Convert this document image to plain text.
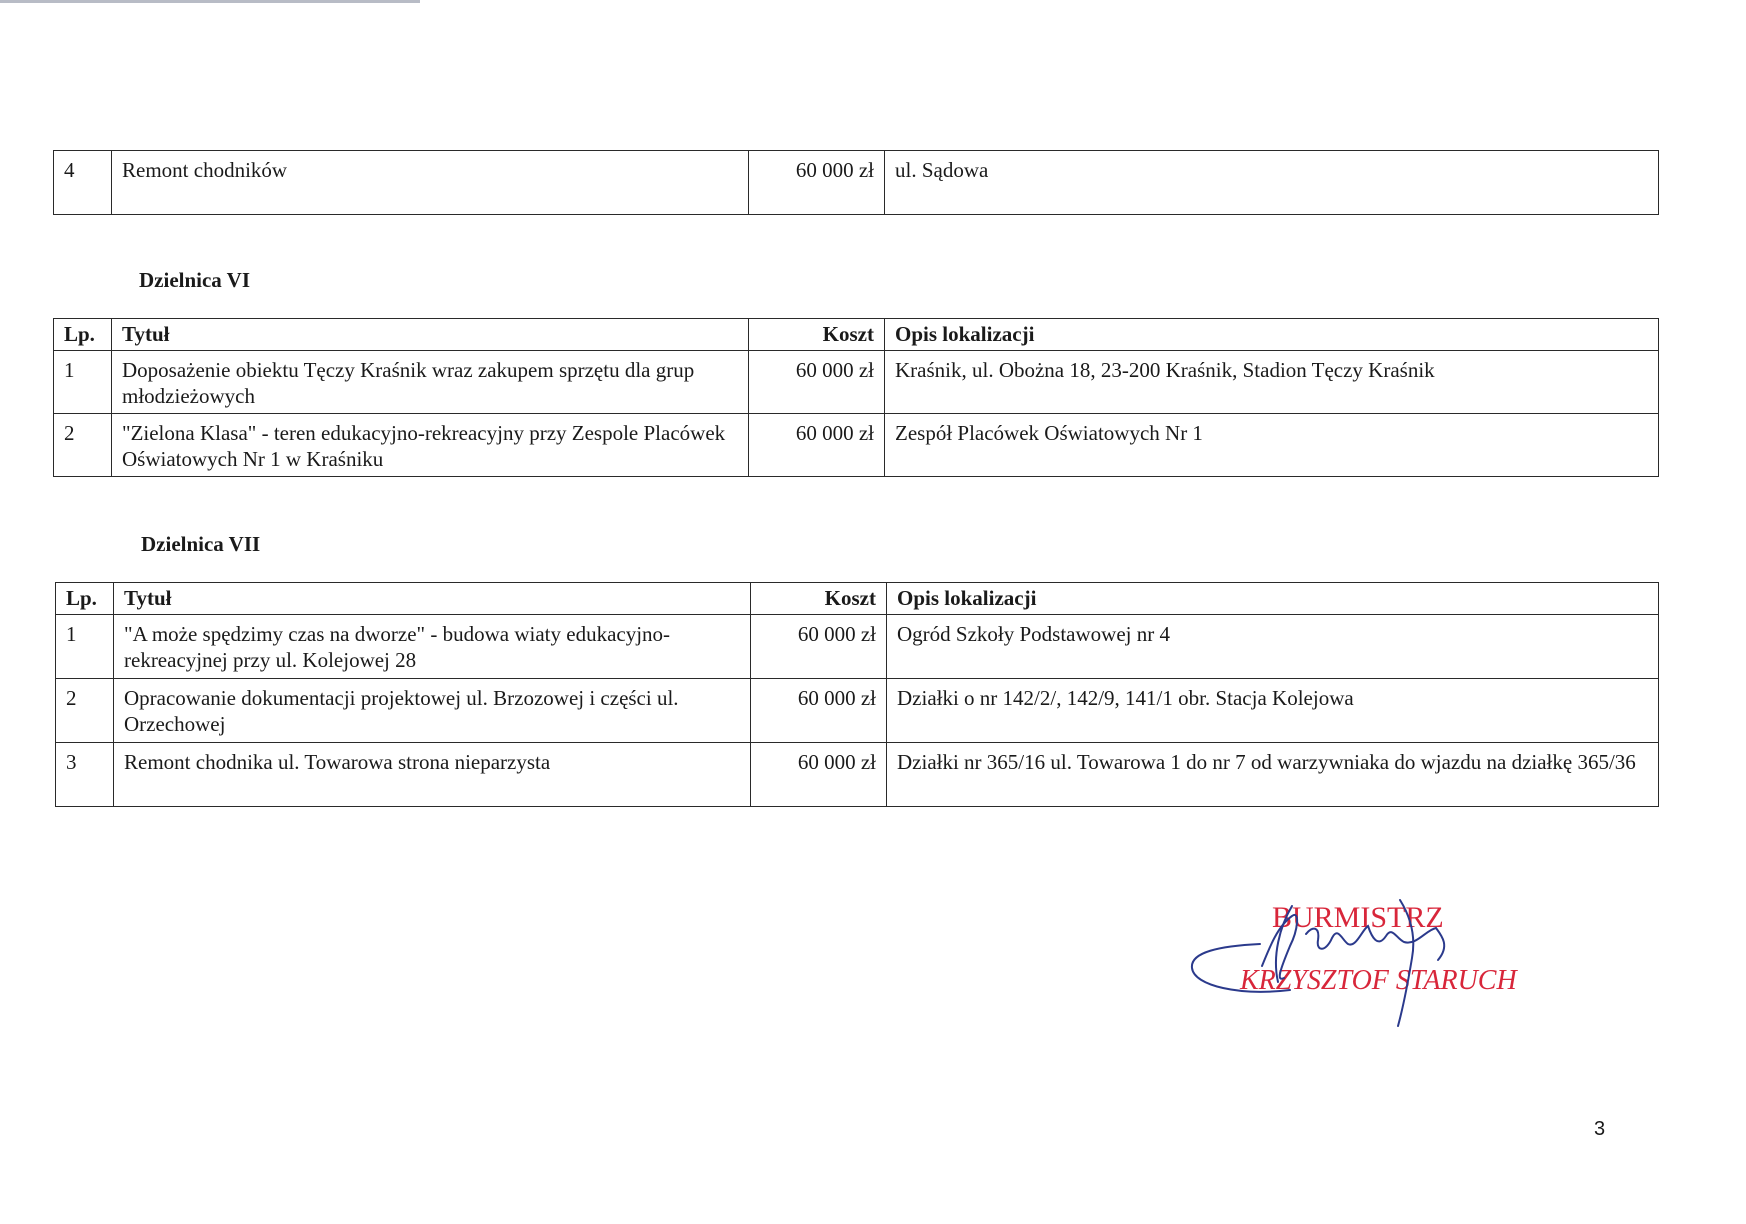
4	Remont chodników	60 000 zł	ul. Sądowa
Dzielnica VI
Lp.	Tytuł	Koszt	Opis lokalizacji
1	Doposażenie obiektu Tęczy Kraśnik wraz zakupem sprzętu dla grup młodzieżowych	60 000 zł	Kraśnik, ul. Obożna 18, 23-200 Kraśnik, Stadion Tęczy Kraśnik
2	"Zielona Klasa" - teren edukacyjno-rekreacyjny przy Zespole Placówek Oświatowych Nr 1 w Kraśniku	60 000 zł	Zespół Placówek Oświatowych Nr 1
Dzielnica VII
Lp.	Tytuł	Koszt	Opis lokalizacji
1	"A może spędzimy czas na dworze" - budowa wiaty edukacyjno-rekreacyjnej przy ul. Kolejowej 28	60 000 zł	Ogród Szkoły Podstawowej nr 4
2	Opracowanie dokumentacji projektowej ul. Brzozowej i części ul. Orzechowej	60 000 zł	Działki o nr 142/2/, 142/9, 141/1 obr. Stacja Kolejowa
3	Remont chodnika ul. Towarowa strona nieparzysta	60 000 zł	Działki nr 365/16 ul. Towarowa 1 do nr 7 od warzywniaka do wjazdu na działkę 365/36
BURMISTRZ
KRZYSZTOF STARUCH
3
